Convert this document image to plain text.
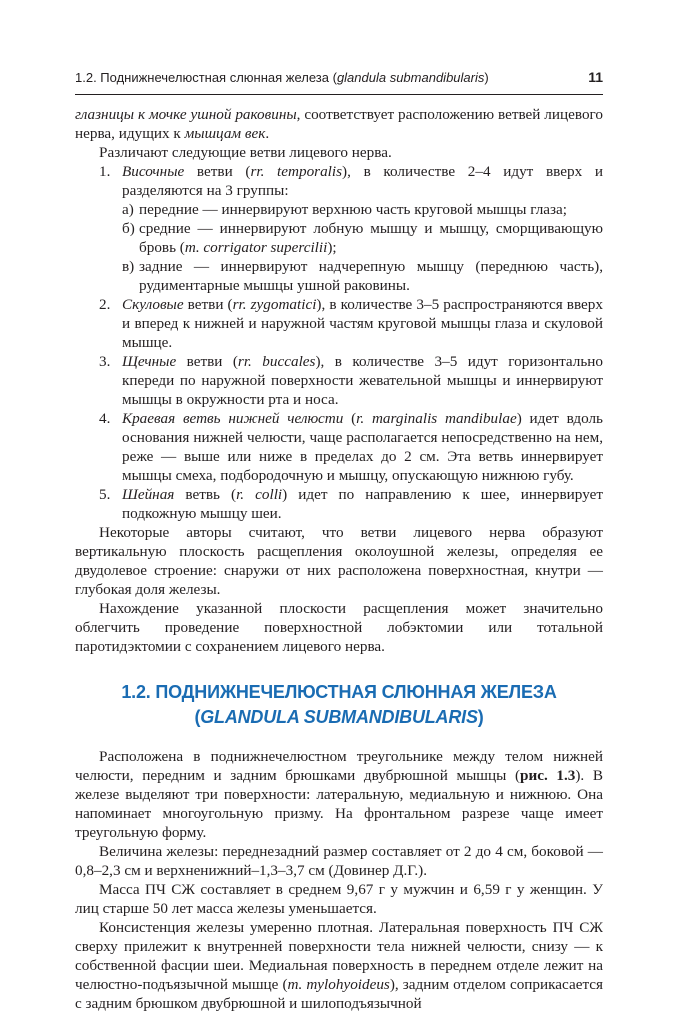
1.2. Поднижнечелюстная слюнная железа (glandula submandibularis)	11

глазницы к мочке ушной раковины, соответствует расположению ветвей лицевого нерва, идущих к мышцам век.

Различают следующие ветви лицевого нерва.

1. Височные ветви (rr. temporalis), в количестве 2–4 идут вверх и разделяются на 3 группы:
а) передние — иннервируют верхнюю часть круговой мышцы глаза;
б) средние — иннервируют лобную мышцу и мышцу, сморщивающую бровь (m. corrigator supercilii);
в) задние — иннервируют надчерепную мышцу (переднюю часть), рудиментарные мышцы ушной раковины.
2. Скуловые ветви (rr. zygomatici), в количестве 3–5 распространяются вверх и вперед к нижней и наружной частям круговой мышцы глаза и скуловой мышце.
3. Щечные ветви (rr. buccales), в количестве 3–5 идут горизонтально кпереди по наружной поверхности жевательной мышцы и иннервируют мышцы в окружности рта и носа.
4. Краевая ветвь нижней челюсти (r. marginalis mandibulae) идет вдоль основания нижней челюсти, чаще располагается непосредственно на нем, реже — выше или ниже в пределах до 2 см. Эта ветвь иннервирует мышцы смеха, подбородочную и мышцу, опускающую нижнюю губу.
5. Шейная ветвь (r. colli) идет по направлению к шее, иннервирует подкожную мышцу шеи.

Некоторые авторы считают, что ветви лицевого нерва образуют вертикальную плоскость расщепления околоушной железы, определяя ее двудолевое строение: снаружи от них расположена поверхностная, кнутри — глубокая доля железы.

Нахождение указанной плоскости расщепления может значительно облегчить проведение поверхностной лобэктомии или тотальной паротидэктомии с сохранением лицевого нерва.

1.2. ПОДНИЖНЕЧЕЛЮСТНАЯ СЛЮННАЯ ЖЕЛЕЗА
(GLANDULA SUBMANDIBULARIS)

Расположена в поднижнечелюстном треугольнике между телом нижней челюсти, передним и задним брюшками двубрюшной мышцы (рис. 1.3). В железе выделяют три поверхности: латеральную, медиальную и нижнюю. Она напоминает многоугольную призму. На фронтальном разрезе чаще имеет треугольную форму.

Величина железы: переднезадний размер составляет от 2 до 4 см, боковой — 0,8–2,3 см и верхненижний–1,3–3,7 см (Довинер Д.Г.).

Масса ПЧ СЖ составляет в среднем 9,67 г у мужчин и 6,59 г у женщин. У лиц старше 50 лет масса железы уменьшается.

Консистенция железы умеренно плотная. Латеральная поверхность ПЧ СЖ сверху прилежит к внутренней поверхности тела нижней челюсти, снизу — к собственной фасции шеи. Медиальная поверхность в переднем отделе лежит на челюстно-подъязычной мышце (m. mylohyoideus), задним отделом соприкасается с задним брюшком двубрюшной и шилоподъязычной
